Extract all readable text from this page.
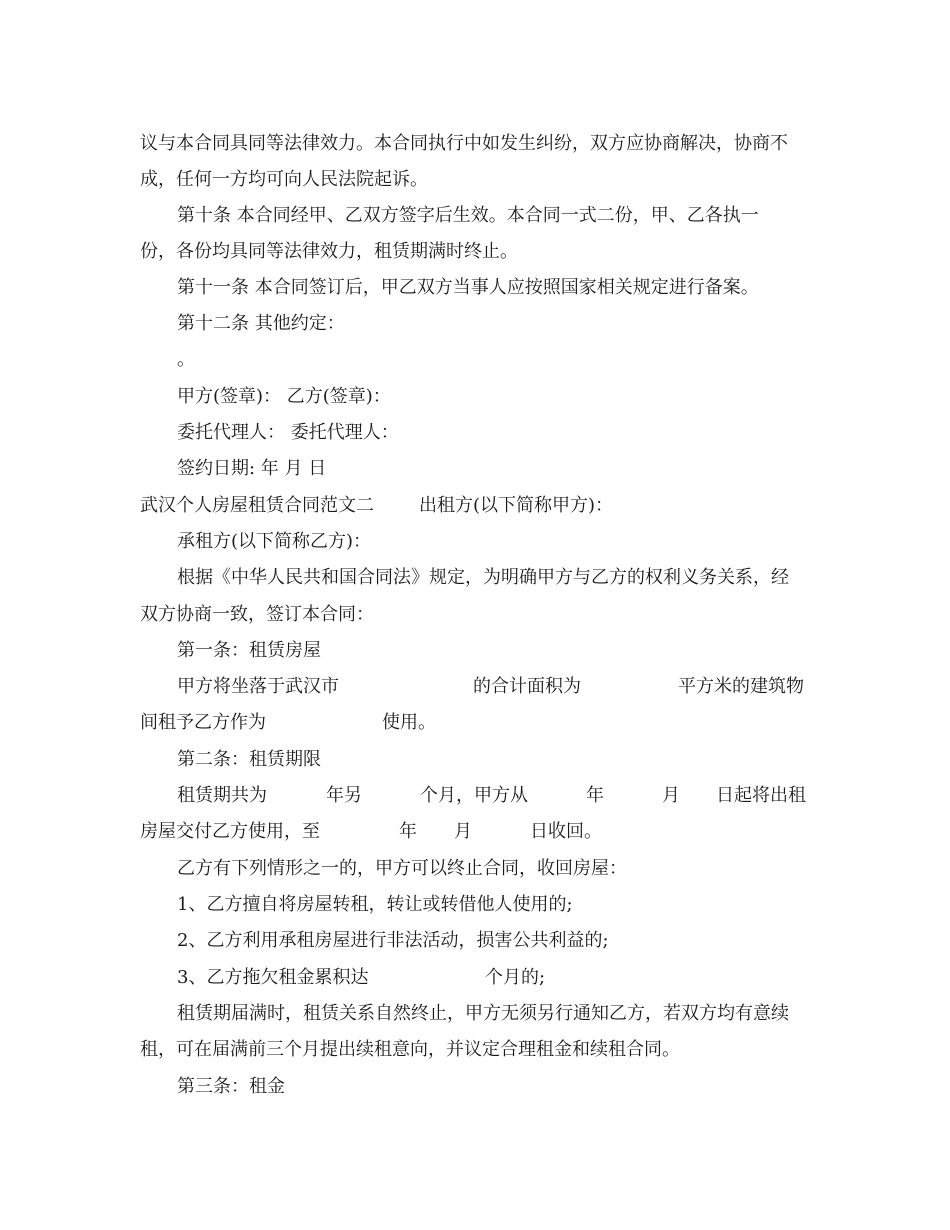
议与本合同具同等法律效力。本合同执行中如发生纠纷，双方应协商解决，协商不
成，任何一方均可向人民法院起诉。
第十条 本合同经甲、乙双方签字后生效。本合同一式二份，甲、乙各执一
份，各份均具同等法律效力，租赁期满时终止。
第十一条 本合同签订后，甲乙双方当事人应按照国家相关规定进行备案。
第十二条 其他约定：
。
甲方(签章)： 乙方(签章)：
委托代理人： 委托代理人：
签约日期: 年 月 日

武汉个人房屋租赁合同范文二

	出租方(以下简称甲方)：

承租方(以下简称乙方)：
根据《中华人民共和国合同法》规定，为明确甲方与乙方的权利义务关系，经
双方协商一致，签订本合同：
第一条：租赁房屋

甲方将坐落于武汉市

	的合计面积为

	平方米的建筑物

间租予乙方作为

	使用。

第二条：租赁期限

租赁期共为

	年另

	个月，甲方从

	年

	月

日起将出租

房屋交付乙方使用，至

	年

月

	日收回。

乙方有下列情形之一的，甲方可以终止合同，收回房屋：
1、乙方擅自将房屋转租，转让或转借他人使用的;
2、乙方利用承租房屋进行非法活动，损害公共利益的;

3、乙方拖欠租金累积达

	个月的;

租赁期届满时，租赁关系自然终止，甲方无须另行通知乙方，若双方均有意续
租，可在届满前三个月提出续租意向，并议定合理租金和续租合同。
第三条：租金
